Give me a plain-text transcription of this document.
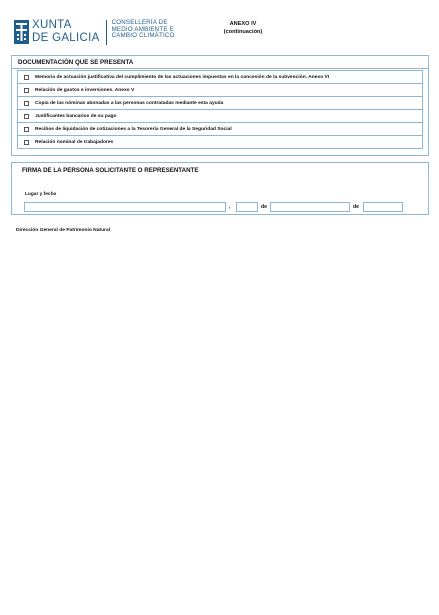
XUNTA
DE GALICIA
CONSELLERÍA DE
MEDIO AMBIENTE E
CAMBIO CLIMÁTICO
ANEXO IV
(continuación)
DOCUMENTACIÓN QUE SE PRESENTA
Memoria de actuación justificativa del cumplimiento de las actuaciones impuestas en la concesión de la subvención. Anexo VI
Relación de gastos e inversiones. Anexo V
Copia de las nóminas abonadas a las personas contratadas mediante esta ayuda
Justificantes bancarios de su pago
Recibos de liquidación de cotizaciones a la Tesorería General de la Seguridad Social
Relación nominal de trabajadores
FIRMA DE LA PERSONA SOLICITANTE O REPRESENTANTE
Lugar y fecha
,	de	de
Dirección General de Patrimonio Natural
